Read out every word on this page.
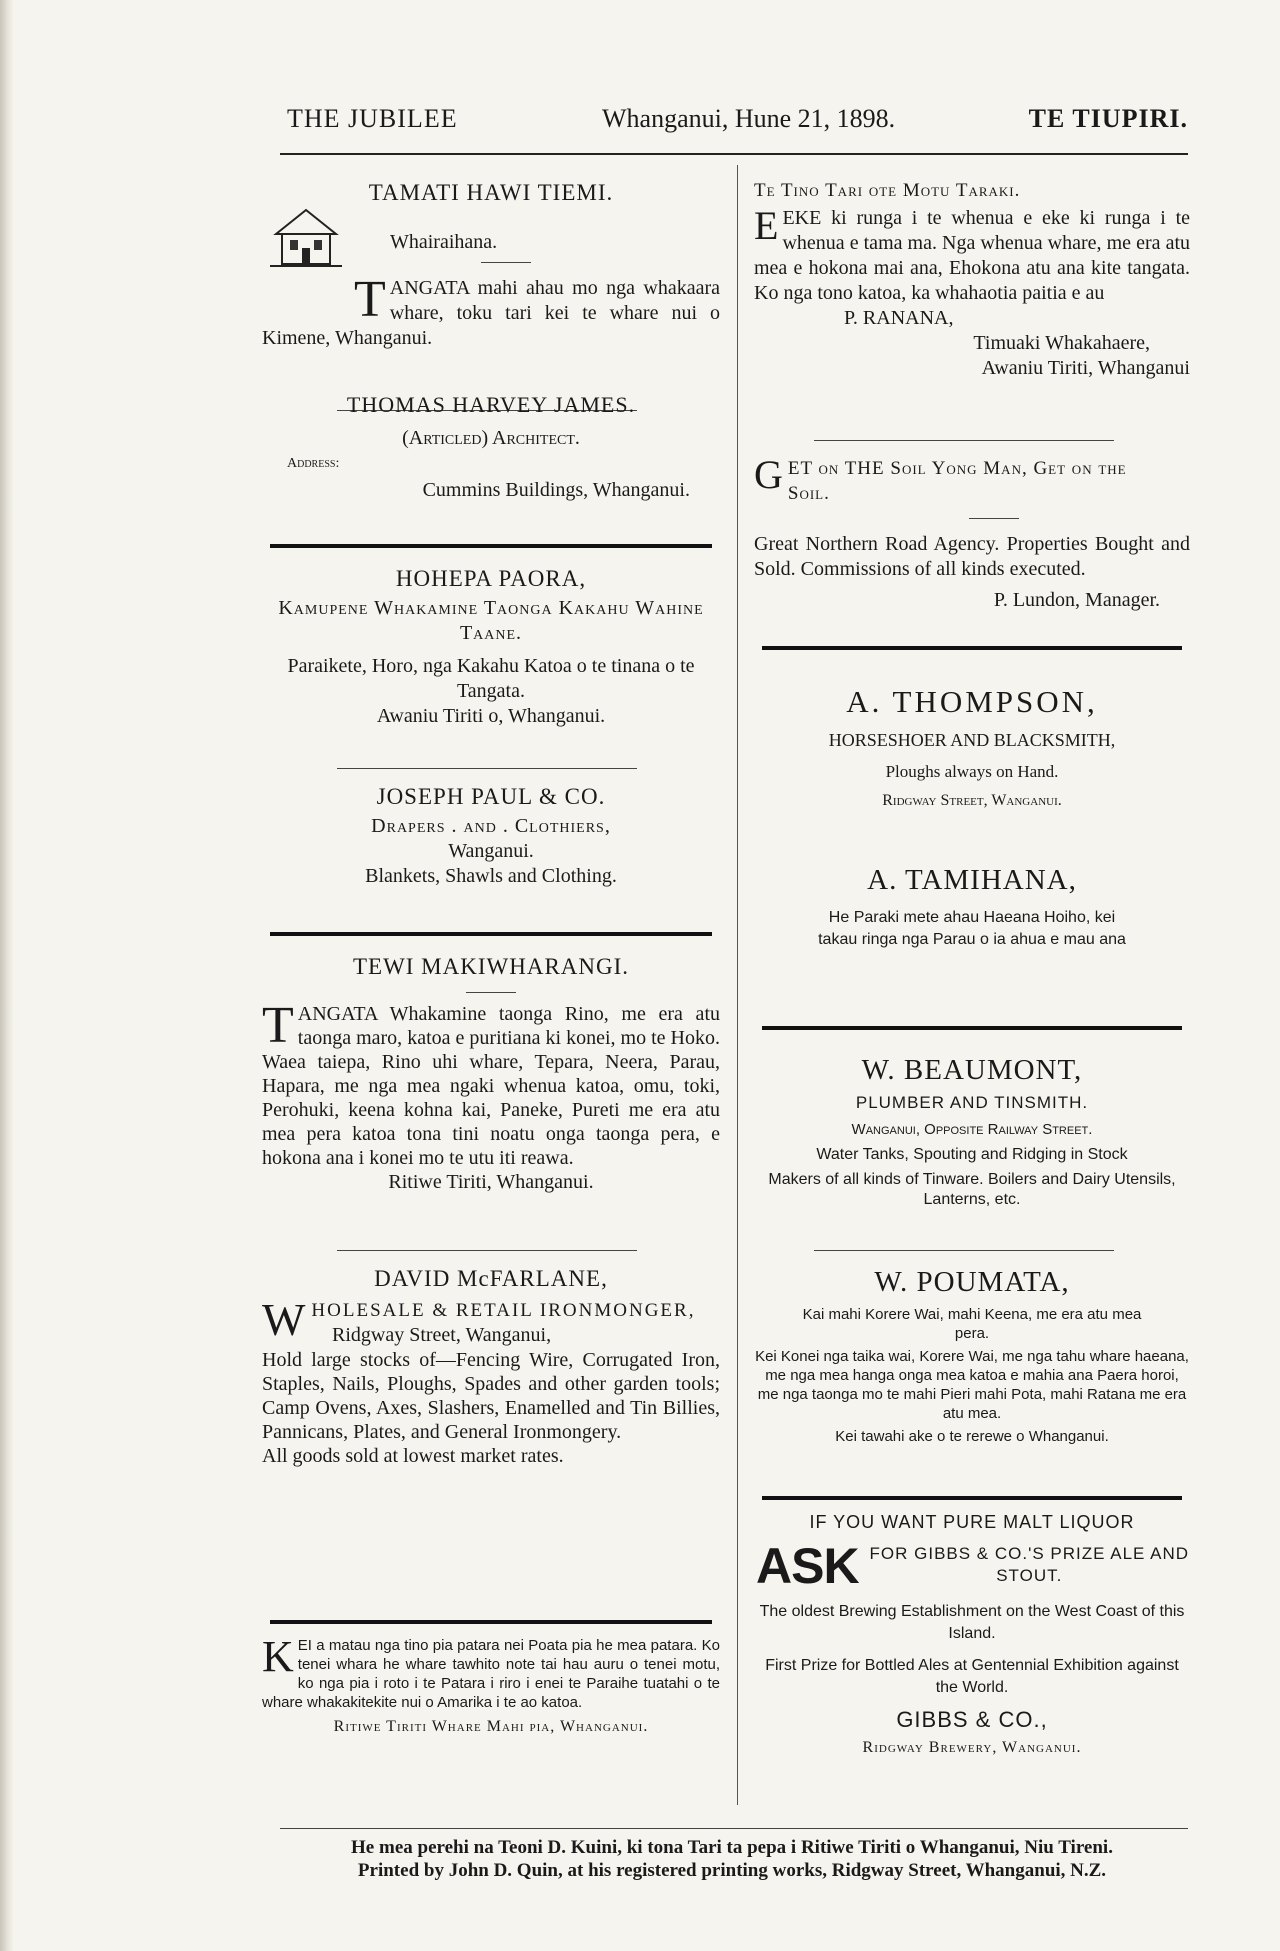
THE JUBILEE	Whanganui, Hune 21, 1898.	TE TIUPIRI.
TAMATI HAWI TIEMI.
Whairaihana.
T ANGATA mahi ahau mo nga whakaara whare, toku tari kei te whare nui o Kimene, Whanganui.
THOMAS HARVEY JAMES.
(Articled) Architect.
Address:
Cummins Buildings, Whanganui.
HOHEPA PAORA,
Kamupene Whakamine Taonga Kakahu Wahine Taane.
Paraikete, Horo, nga Kakahu Katoa o te tinana o te Tangata.
Awaniu Tiriti o, Whanganui.
JOSEPH PAUL & CO.
Drapers . and . Clothiers,
Wanganui.
Blankets, Shawls and Clothing.
TEWI MAKIWHARANGI.
T ANGATA Whakamine taonga Rino, me era atu taonga maro, katoa e puritiana ki konei, mo te Hoko. Waea taiepa, Rino uhi whare, Tepara, Neera, Parau, Hapara, me nga mea ngaki whenua katoa, omu, toki, Perohuki, keena kohna kai, Paneke, Pureti me era atu mea pera katoa tona tini noatu onga taonga pera, e hokona ana i konei mo te utu iti reawa.
Ritiwe Tiriti, Whanganui.
DAVID McFARLANE,
W HOLESALE & RETAIL IRONMONGER,
Ridgway Street, Wanganui,
Hold large stocks of—Fencing Wire, Corrugated Iron, Staples, Nails, Ploughs, Spades and other garden tools; Camp Ovens, Axes, Slashers, Enamelled and Tin Billies, Pannicans, Plates, and General Ironmongery.
All goods sold at lowest market rates.
K EI a matau nga tino pia patara nei Poata pia he mea patara. Ko tenei whara he whare tawhito note tai hau auru o tenei motu, ko nga pia i roto i te Patara i riro i enei te Paraihe tuatahi o te whare whakakitekite nui o Amarika i te ao katoa.
Ritiwe Tiriti Whare Mahi pia, Whanganui.
Te Tino Tari ote Motu Taraki.
E EKE ki runga i te whenua e eke ki runga i te whenua e tama ma. Nga whenua whare, me era atu mea e hokona mai ana, Ehokona atu ana kite tangata. Ko nga tono katoa, ka whahaotia paitia e au
P. RANANA,
Timuaki Whakahaere,
Awaniu Tiriti, Whanganui
G ET on THE Soil Yong Man, Get on the
Soil.
Great Northern Road Agency. Properties Bought and Sold. Commissions of all kinds executed.
P. Lundon, Manager.
A. THOMPSON,
HORSESHOER AND BLACKSMITH,
Ploughs always on Hand.
Ridgway Street, Wanganui.
A. TAMIHANA,
He Paraki mete ahau Haeana Hoiho, kei takau ringa nga Parau o ia ahua e mau ana
W. BEAUMONT,
PLUMBER AND TINSMITH.
Wanganui, Opposite Railway Street.
Water Tanks, Spouting and Ridging in Stock
Makers of all kinds of Tinware. Boilers and Dairy Utensils, Lanterns, etc.
W. POUMATA,
Kai mahi Korere Wai, mahi Keena, me era atu mea pera.
Kei Konei nga taika wai, Korere Wai, me nga tahu whare haeana, me nga mea hanga onga mea katoa e mahia ana Paera horoi, me nga taonga mo te mahi Pieri mahi Pota, mahi Ratana me era atu mea.
Kei tawahi ake o te rerewe o Whanganui.
IF YOU WANT PURE MALT LIQUOR
ASK FOR GIBBS & CO.'S PRIZE ALE AND STOUT.
The oldest Brewing Establishment on the West Coast of this Island.
First Prize for Bottled Ales at Gentennial Exhibition against the World.
GIBBS & CO.,
Ridgway Brewery, Wanganui.
He mea perehi na Teoni D. Kuini, ki tona Tari ta pepa i Ritiwe Tiriti o Whanganui, Niu Tireni.
Printed by John D. Quin, at his registered printing works, Ridgway Street, Whanganui, N.Z.
